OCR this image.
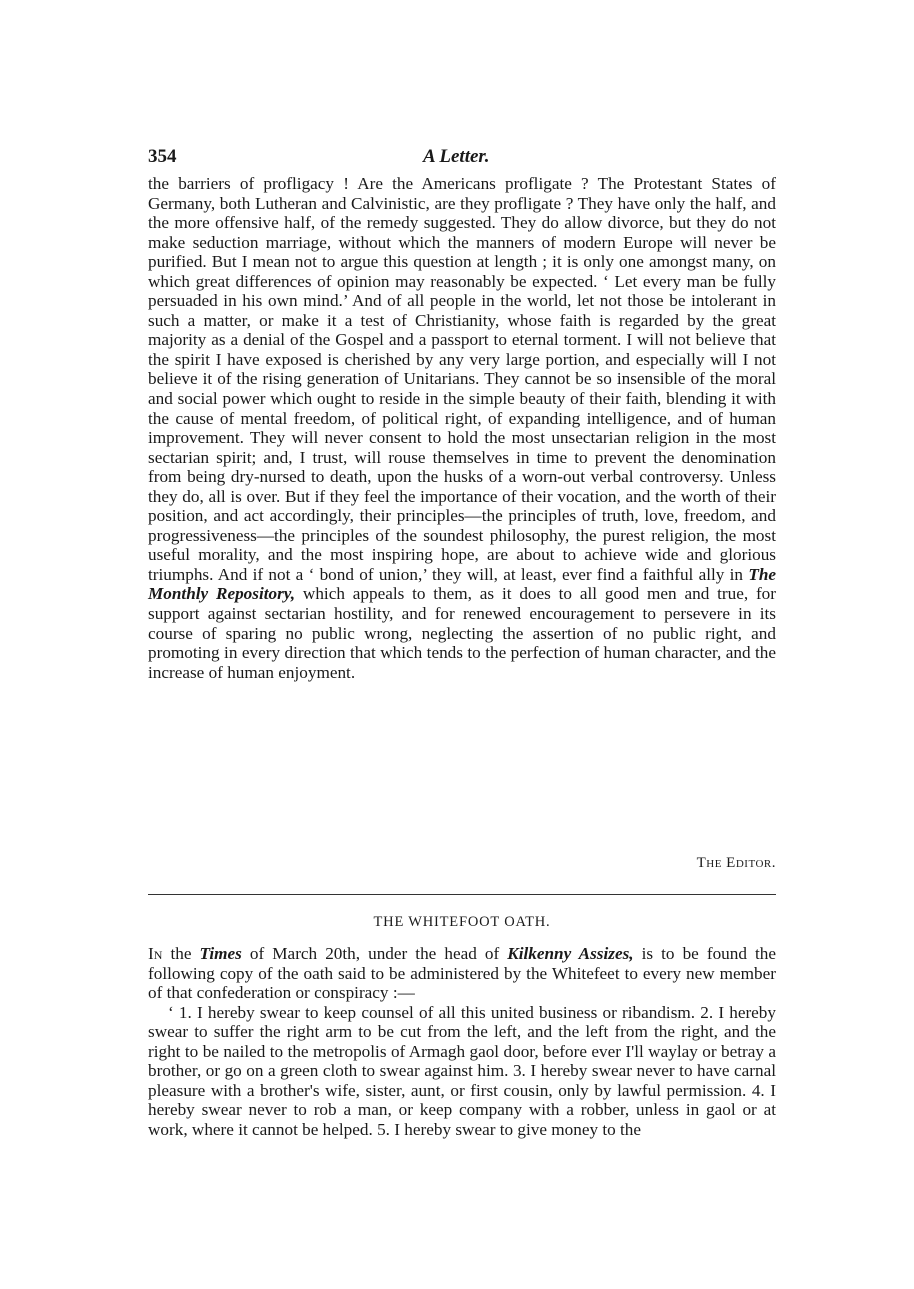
354	A Letter.

the barriers of profligacy ! Are the Americans profligate ? The Protestant States of Germany, both Lutheran and Calvinistic, are they profligate ? They have only the half, and the more offensive half, of the remedy suggested. They do allow divorce, but they do not make seduction marriage, without which the manners of modern Europe will never be purified. But I mean not to argue this question at length ; it is only one amongst many, on which great differences of opinion may reasonably be expected. ‘ Let every man be fully persuaded in his own mind.’ And of all people in the world, let not those be intolerant in such a matter, or make it a test of Christianity, whose faith is regarded by the great majority as a denial of the Gospel and a passport to eternal torment. I will not believe that the spirit I have exposed is cherished by any very large portion, and especially will I not believe it of the rising generation of Unitarians. They cannot be so insensible of the moral and social power which ought to reside in the simple beauty of their faith, blending it with the cause of mental freedom, of political right, of expanding intelligence, and of human improvement. They will never consent to hold the most unsectarian religion in the most sectarian spirit; and, I trust, will rouse themselves in time to prevent the denomination from being dry-nursed to death, upon the husks of a worn-out verbal controversy. Unless they do, all is over. But if they feel the importance of their vocation, and the worth of their position, and act accordingly, their principles—the principles of truth, love, freedom, and progressiveness—the principles of the soundest philosophy, the purest religion, the most useful morality, and the most inspiring hope, are about to achieve wide and glorious triumphs. And if not a ‘ bond of union,’ they will, at least, ever find a faithful ally in The Monthly Repository, which appeals to them, as it does to all good men and true, for support against sectarian hostility, and for renewed encouragement to persevere in its course of sparing no public wrong, neglecting the assertion of no public right, and promoting in every direction that which tends to the perfection of human character, and the increase of human enjoyment.

The Editor.
THE WHITEFOOT OATH.

In the Times of March 20th, under the head of Kilkenny Assizes, is to be found the following copy of the oath said to be administered by the Whitefeet to every new member of that confederation or conspiracy :—

‘ 1. I hereby swear to keep counsel of all this united business or ribandism. 2. I hereby swear to suffer the right arm to be cut from the left, and the left from the right, and the right to be nailed to the metropolis of Armagh gaol door, before ever I'll waylay or betray a brother, or go on a green cloth to swear against him. 3. I hereby swear never to have carnal pleasure with a brother's wife, sister, aunt, or first cousin, only by lawful permission. 4. I hereby swear never to rob a man, or keep company with a robber, unless in gaol or at work, where it cannot be helped. 5. I hereby swear to give money to the
